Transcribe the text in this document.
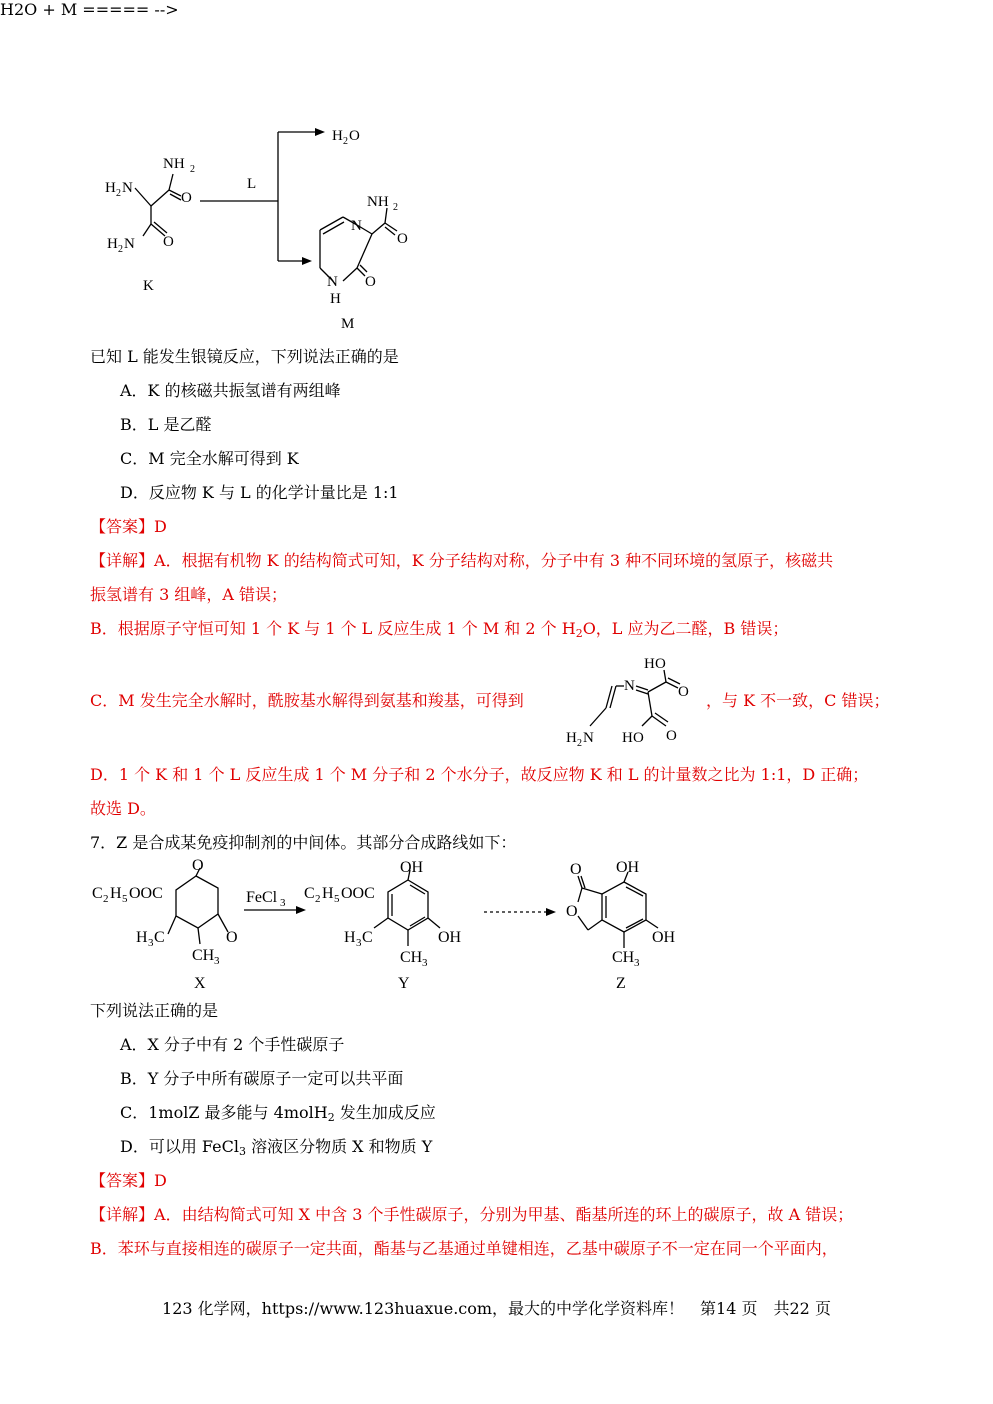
H2O + M ===== -->
NH 2
H 2 N
O
H 2 N O
K
L
H 2 O
NH 2
O
N
O
N
H
M
已知 L 能发生银镜反应，下列说法正确的是
A．K 的核磁共振氢谱有两组峰
B．L 是乙醛
C．M 完全水解可得到 K
D．反应物 K 与 L 的化学计量比是 1:1
【答案】D
【详解】A．根据有机物 K 的结构简式可知，K 分子结构对称，分子中有 3 种不同环境的氢原子，核磁共
振氢谱有 3 组峰，A 错误；
B．根据原子守恒可知 1 个 K 与 1 个 L 反应生成 1 个 M 和 2 个 $H_2O$，L 应为乙二醛，B 错误；
C．M 发生完全水解时，酰胺基水解得到氨基和羧基，可得到
H O
O
N
H 2 N H O O
，与 K 不一致，C 错误；
D．1 个 K 和 1 个 L 反应生成 1 个 M 分子和 2 个水分子，故反应物 K 和 L 的计量数之比为 1:1，D 正确；
故选 D。
7．Z 是合成某免疫抑制剂的中间体。其部分合成路线如下：
C 2 H 5 OOC
O
O
H 3 C
CH 3
X
FeCl 3
C 2 H 5 OOC
OH
OH
H 3 C
CH 3
Y
O
O
OH
OH
CH 3
Z
下列说法正确的是
A．X 分子中有 2 个手性碳原子
B．Y 分子中所有碳原子一定可以共平面
C．1molZ 最多能与 4molH$_2$ 发生加成反应
D．可以用 FeCl$_3$ 溶液区分物质 X 和物质 Y
【答案】D
【详解】A．由结构简式可知 X 中含 3 个手性碳原子，分别为甲基、酯基所连的环上的碳原子，故 A 错误；
B．苯环与直接相连的碳原子一定共面，酯基与乙基通过单键相连，乙基中碳原子不一定在同一个平面内，
123 化学网，https://www.123huaxue.com，最大的中学化学资料库！　第14 页　共22 页
